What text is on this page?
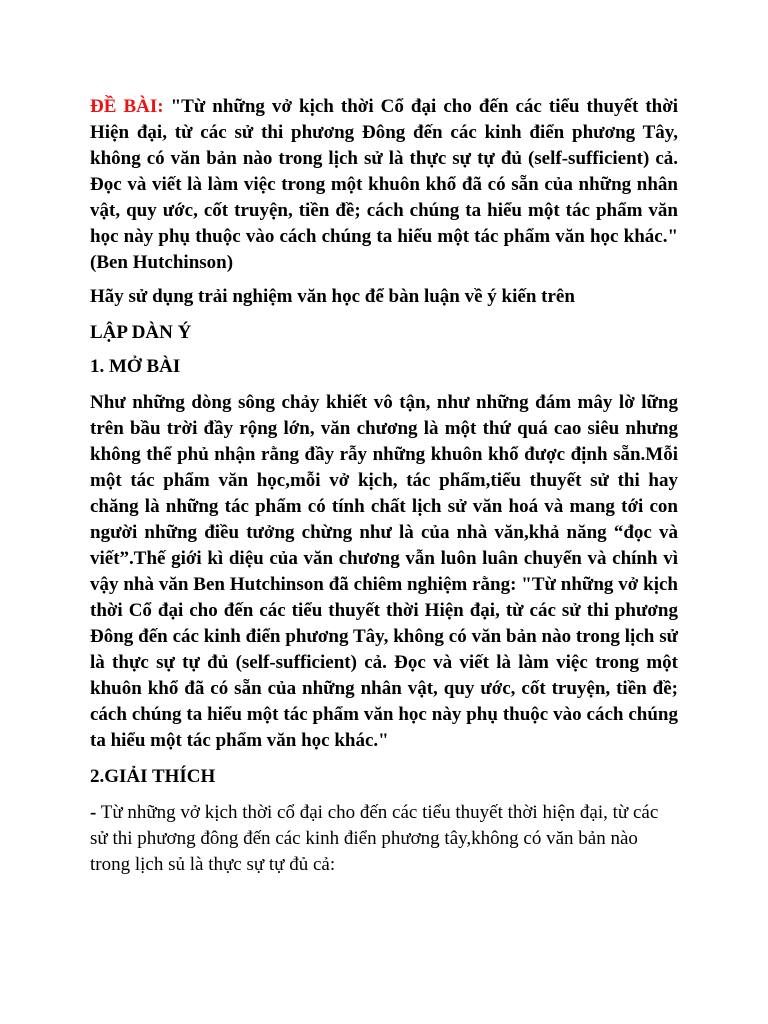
ĐỀ BÀI: "Từ những vở kịch thời Cổ đại cho đến các tiểu thuyết thời Hiện đại, từ các sử thi phương Đông đến các kinh điển phương Tây, không có văn bản nào trong lịch sử là thực sự tự đủ (self-sufficient) cả. Đọc và viết là làm việc trong một khuôn khổ đã có sẵn của những nhân vật, quy ước, cốt truyện, tiền đề; cách chúng ta hiểu một tác phẩm văn học này phụ thuộc vào cách chúng ta hiểu một tác phẩm văn học khác." (Ben Hutchinson)

Hãy sử dụng trải nghiệm văn học để bàn luận về ý kiến trên

LẬP DÀN Ý

1. MỞ BÀI

Như những dòng sông chảy khiết vô tận, như những đám mây lờ lững trên bầu trời đầy rộng lớn, văn chương là một thứ quá cao siêu nhưng không thể phủ nhận rằng đầy rẫy những khuôn khổ được định sẵn.Mỗi một tác phẩm văn học,mỗi vở kịch, tác phẩm,tiểu thuyết sử thi hay chăng là những tác phẩm có tính chất lịch sử văn hoá và mang tới con người những điều tưởng chừng như là của nhà văn,khả năng “đọc và viết”.Thế giới kì diệu của văn chương vẫn luôn luân chuyển và chính vì vậy nhà văn Ben Hutchinson đã chiêm nghiệm rằng: "Từ những vở kịch thời Cổ đại cho đến các tiểu thuyết thời Hiện đại, từ các sử thi phương Đông đến các kinh điển phương Tây, không có văn bản nào trong lịch sử là thực sự tự đủ (self-sufficient) cả. Đọc và viết là làm việc trong một khuôn khổ đã có sẵn của những nhân vật, quy ước, cốt truyện, tiền đề; cách chúng ta hiểu một tác phẩm văn học này phụ thuộc vào cách chúng ta hiểu một tác phẩm văn học khác."

2.GIẢI THÍCH

- Từ những vở kịch thời cổ đại cho đến các tiểu thuyết thời hiện đại, từ các sử thi phương đông đến các kinh điển phương tây,không có văn bản nào trong lịch sủ là thực sự tự đủ cả:
